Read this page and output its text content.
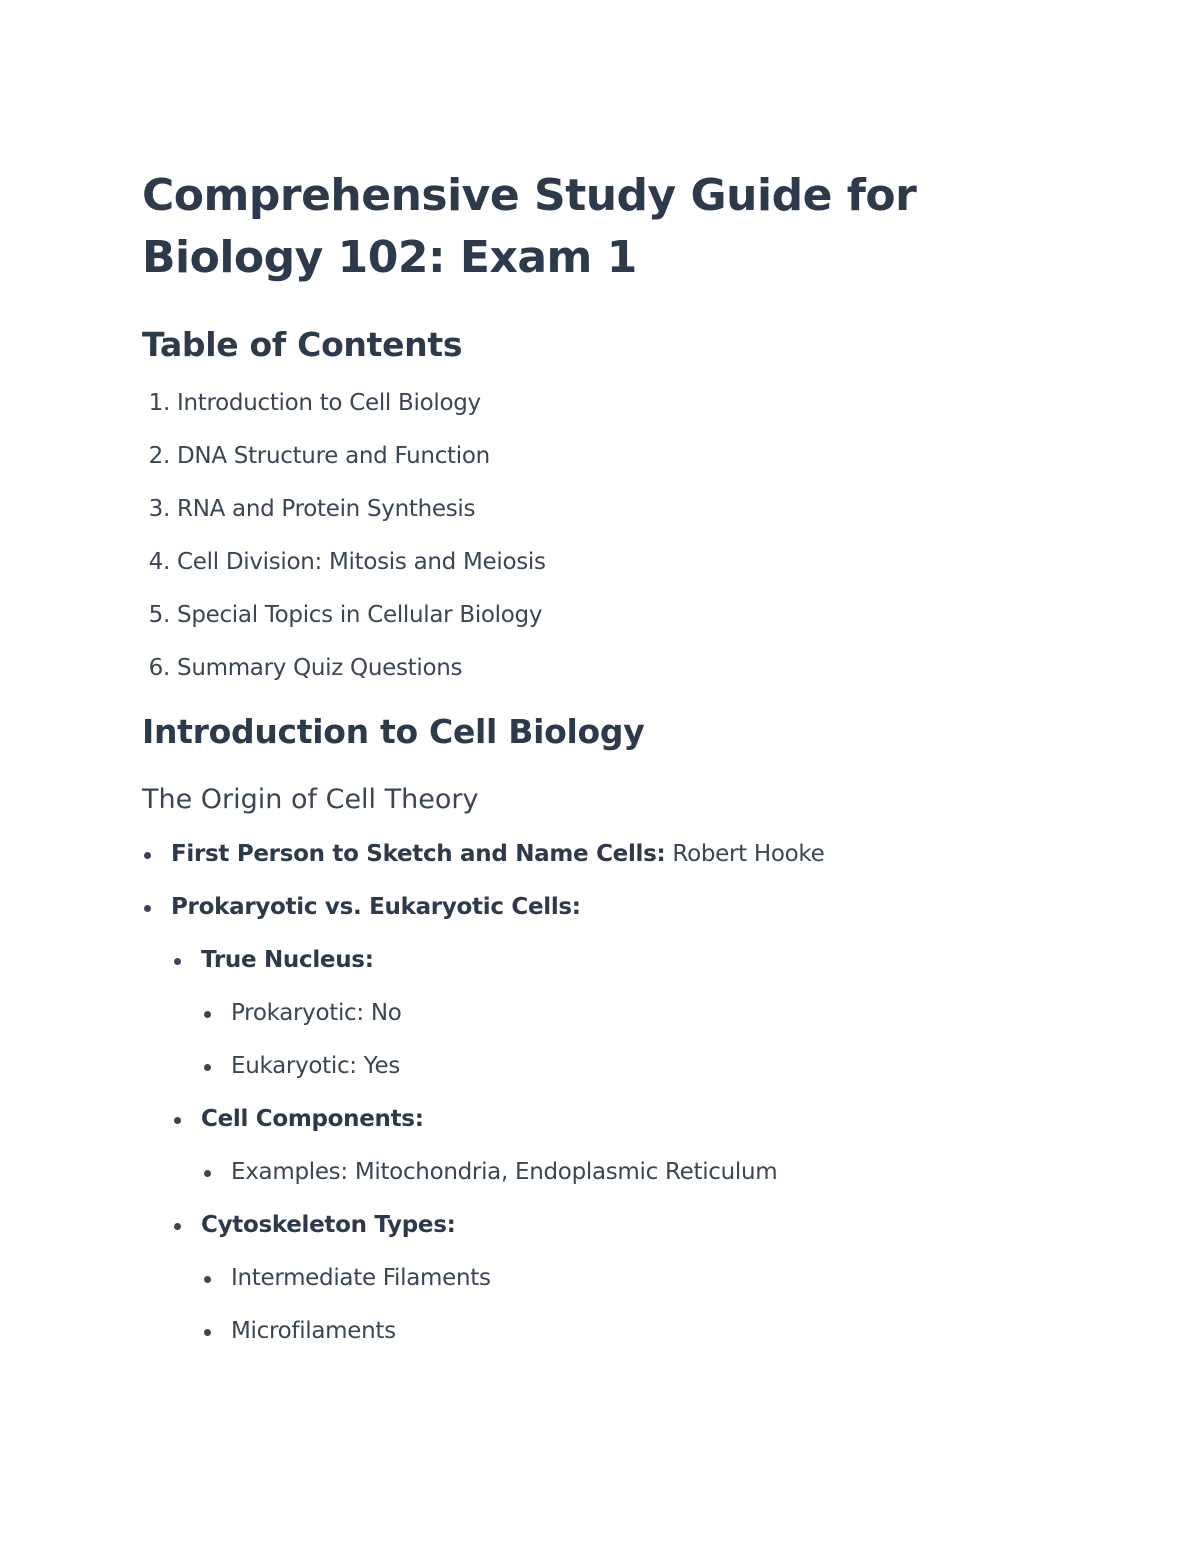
Comprehensive Study Guide for Biology 102: Exam 1
Table of Contents
1. Introduction to Cell Biology
2. DNA Structure and Function
3. RNA and Protein Synthesis
4. Cell Division: Mitosis and Meiosis
5. Special Topics in Cellular Biology
6. Summary Quiz Questions
Introduction to Cell Biology
The Origin of Cell Theory
First Person to Sketch and Name Cells: Robert Hooke
Prokaryotic vs. Eukaryotic Cells:
True Nucleus:
Prokaryotic: No
Eukaryotic: Yes
Cell Components:
Examples: Mitochondria, Endoplasmic Reticulum
Cytoskeleton Types:
Intermediate Filaments
Microfilaments
